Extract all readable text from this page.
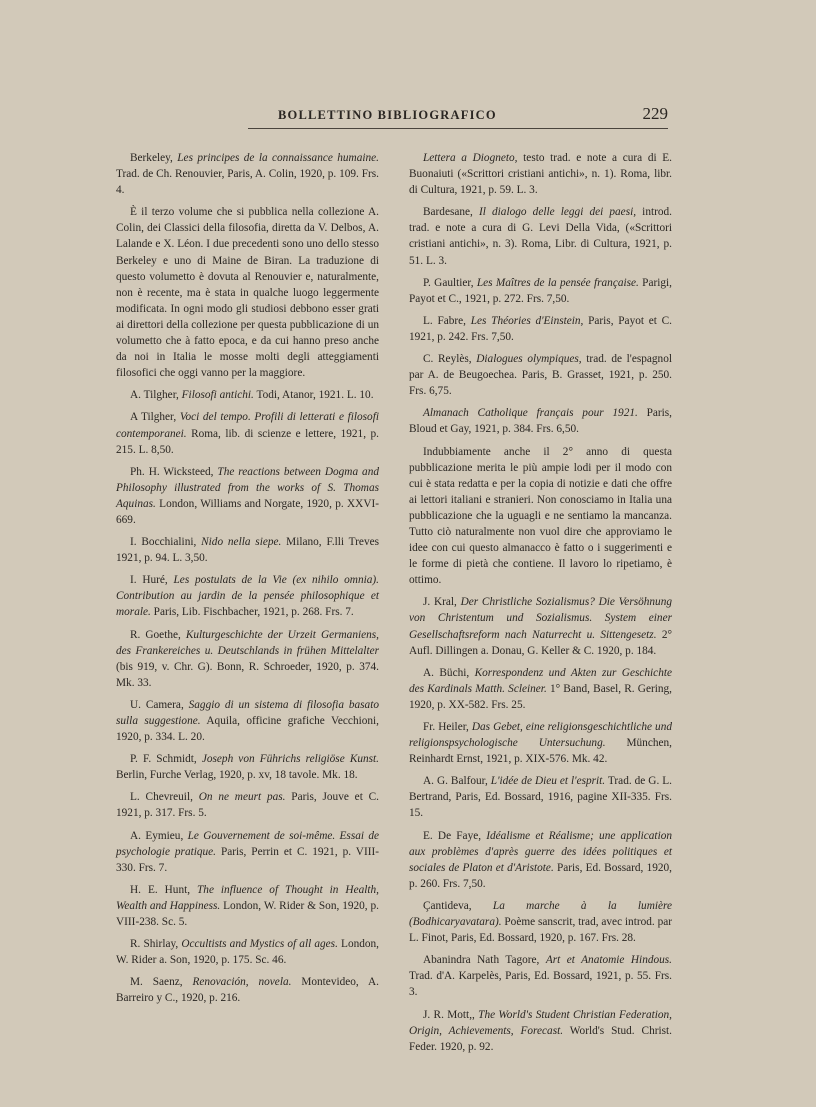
BOLLETTINO BIBLIOGRAFICO	229

Berkeley, Les principes de la connaissance humaine. Trad. de Ch. Renouvier, Paris, A. Colin, 1920, p. 109. Frs. 4.

È il terzo volume che si pubblica nella collezione A. Colin, dei Classici della filosofia, diretta da V. Delbos, A. Lalande e X. Léon. I due precedenti sono uno dello stesso Berkeley e uno di Maine de Biran. La traduzione di questo volumetto è dovuta al Renouvier e, naturalmente, non è recente, ma è stata in qualche luogo leggermente modificata. In ogni modo gli studiosi debbono esser grati ai direttori della collezione per questa pubblicazione di un volumetto che à fatto epoca, e da cui hanno preso anche da noi in Italia le mosse molti degli atteggiamenti filosofici che oggi vanno per la maggiore.

A. Tilgher, Filosofi antichi. Todi, Atanor, 1921. L. 10.

A Tilgher, Voci del tempo. Profili di letterati e filosofi contemporanei. Roma, lib. di scienze e lettere, 1921, p. 215. L. 8,50.

Ph. H. Wicksteed, The reactions between Dogma and Philosophy illustrated from the works of S. Thomas Aquinas. London, Williams and Norgate, 1920, p. XXVI-669.

I. Bocchialini, Nido nella siepe. Milano, F.lli Treves 1921, p. 94. L. 3,50.

I. Huré, Les postulats de la Vie (ex nihilo omnia). Contribution au jardin de la pensée philosophique et morale. Paris, Lib. Fischbacher, 1921, p. 268. Frs. 7.

R. Goethe, Kulturgeschichte der Urzeit Germaniens, des Frankereiches u. Deutschlands in frühen Mittelalter (bis 919, v. Chr. G). Bonn, R. Schroeder, 1920, p. 374. Mk. 33.

U. Camera, Saggio di un sistema di filosofia basato sulla suggestione. Aquila, officine grafiche Vecchioni, 1920, p. 334. L. 20.

P. F. Schmidt, Joseph von Führichs religiöse Kunst. Berlin, Furche Verlag, 1920, p. xv, 18 tavole. Mk. 18.

L. Chevreuil, On ne meurt pas. Paris, Jouve et C. 1921, p. 317. Frs. 5.

A. Eymieu, Le Gouvernement de soi-même. Essai de psychologie pratique. Paris, Perrin et C. 1921, p. VIII-330. Frs. 7.

H. E. Hunt, The influence of Thought in Health, Wealth and Happiness. London, W. Rider & Son, 1920, p. VIII-238. Sc. 5.

R. Shirlay, Occultists and Mystics of all ages. London, W. Rider a. Son, 1920, p. 175. Sc. 46.

M. Saenz, Renovación, novela. Montevideo, A. Barreiro y C., 1920, p. 216.

Lettera a Diogneto, testo trad. e note a cura di E. Buonaiuti («Scrittori cristiani antichi», n. 1). Roma, libr. di Cultura, 1921, p. 59. L. 3.

Bardesane, Il dialogo delle leggi dei paesi, introd. trad. e note a cura di G. Levi Della Vida, («Scrittori cristiani antichi», n. 3). Roma, Libr. di Cultura, 1921, p. 51. L. 3.

P. Gaultier, Les Maîtres de la pensée française. Parigi, Payot et C., 1921, p. 272. Frs. 7,50.

L. Fabre, Les Théories d'Einstein, Paris, Payot et C. 1921, p. 242. Frs. 7,50.

C. Reylès, Dialogues olympiques, trad. de l'espagnol par A. de Beugoechea. Paris, B. Grasset, 1921, p. 250. Frs. 6,75.

Almanach Catholique français pour 1921. Paris, Bloud et Gay, 1921, p. 384. Frs. 6,50.

Indubbiamente anche il 2° anno di questa pubblicazione merita le più ampie lodi per il modo con cui è stata redatta e per la copia di notizie e dati che offre ai lettori italiani e stranieri. Non conosciamo in Italia una pubblicazione che la uguagli e ne sentiamo la mancanza. Tutto ciò naturalmente non vuol dire che approviamo le idee con cui questo almanacco è fatto o i suggerimenti e le forme di pietà che contiene. Il lavoro lo ripetiamo, è ottimo.

J. Kral, Der Christliche Sozialismus? Die Versöhnung von Christentum und Sozialismus. System einer Gesellschaftsreform nach Naturrecht u. Sittengesetz. 2° Aufl. Dillingen a. Donau, G. Keller & C. 1920, p. 184.

A. Büchi, Korrespondenz und Akten zur Geschichte des Kardinals Matth. Scleiner. 1° Band, Basel, R. Gering, 1920, p. XX-582. Frs. 25.

Fr. Heiler, Das Gebet, eine religionsgeschichtliche und religionspsychologische Untersuchung. München, Reinhardt Ernst, 1921, p. XIX-576. Mk. 42.

A. G. Balfour, L'idée de Dieu et l'esprit. Trad. de G. L. Bertrand, Paris, Ed. Bossard, 1916, pagine XII-335. Frs. 15.

E. De Faye, Idéalisme et Réalisme; une application aux problèmes d'après guerre des idées politiques et sociales de Platon et d'Aristote. Paris, Ed. Bossard, 1920, p. 260. Frs. 7,50.

Çantideva, La marche à la lumière (Bodhicaryavatara). Poème sanscrit, trad, avec introd. par L. Finot, Paris, Ed. Bossard, 1920, p. 167. Frs. 28.

Abanindra Nath Tagore, Art et Anatomie Hindous. Trad. d'A. Karpelès, Paris, Ed. Bossard, 1921, p. 55. Frs. 3.

J. R. Mott,, The World's Student Christian Federation, Origin, Achievements, Forecast. World's Stud. Christ. Feder. 1920, p. 92.
